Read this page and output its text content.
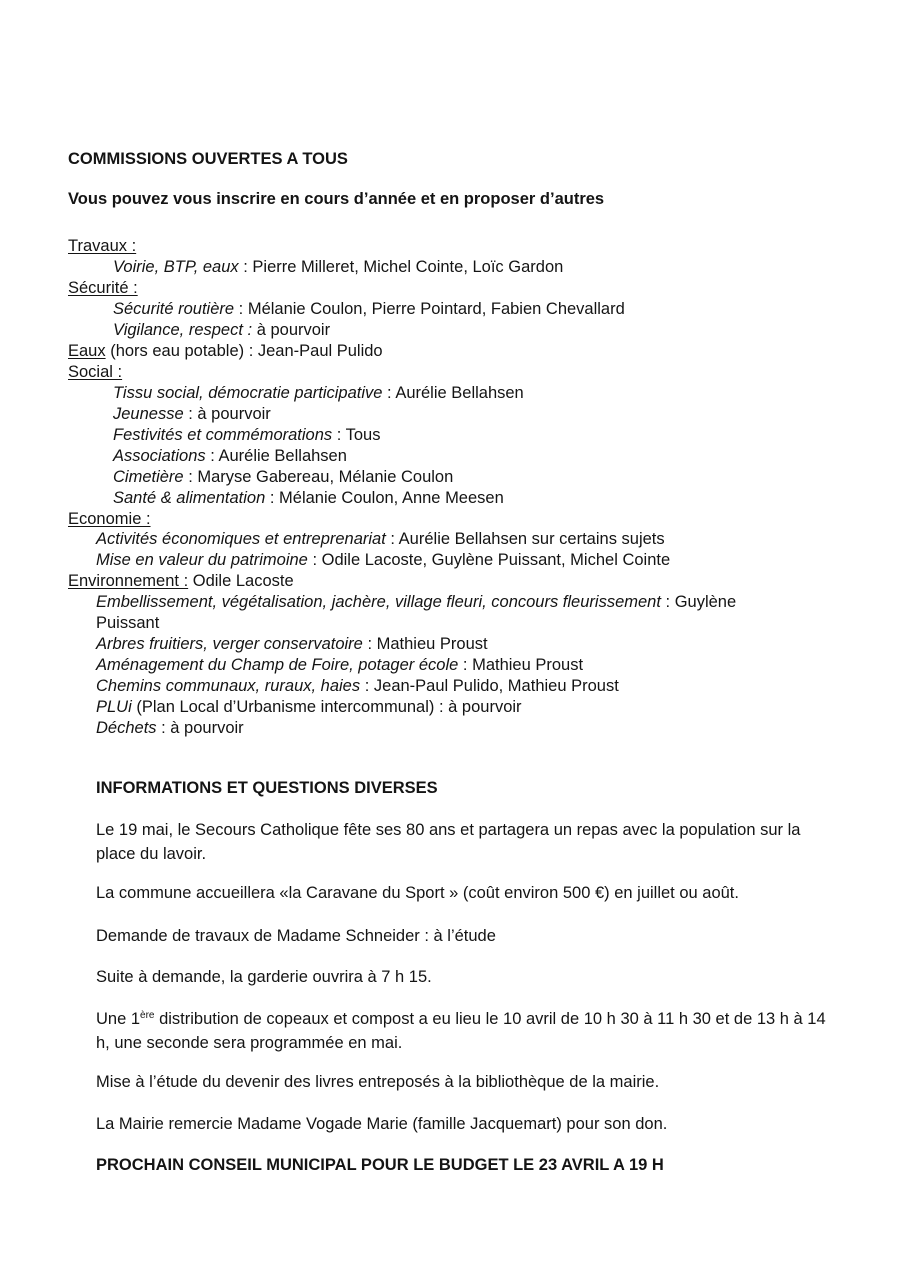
COMMISSIONS OUVERTES A TOUS
Vous pouvez vous inscrire en cours d’année et en proposer d’autres
Travaux :
Voirie, BTP, eaux : Pierre Milleret, Michel Cointe, Loïc Gardon
Sécurité :
Sécurité routière : Mélanie Coulon, Pierre Pointard, Fabien Chevallard
Vigilance, respect : à pourvoir
Eaux (hors eau potable) : Jean-Paul Pulido
Social :
Tissu social, démocratie participative : Aurélie Bellahsen
Jeunesse : à pourvoir
Festivités et commémorations : Tous
Associations : Aurélie Bellahsen
Cimetière : Maryse Gabereau, Mélanie Coulon
Santé & alimentation : Mélanie Coulon, Anne Meesen
Economie :
Activités économiques et entreprenariat : Aurélie Bellahsen sur certains sujets
Mise en valeur du patrimoine : Odile Lacoste, Guylène Puissant, Michel Cointe
Environnement : Odile Lacoste
Embellissement, végétalisation, jachère, village fleuri, concours fleurissement : Guylène
Puissant
Arbres fruitiers, verger conservatoire : Mathieu Proust
Aménagement du Champ de Foire, potager école : Mathieu Proust
Chemins communaux, ruraux, haies : Jean-Paul Pulido, Mathieu Proust
PLUi (Plan Local d’Urbanisme intercommunal) : à pourvoir
Déchets : à pourvoir
INFORMATIONS ET QUESTIONS DIVERSES
Le 19 mai, le Secours Catholique fête ses 80 ans et partagera un repas avec la population sur la place du lavoir.
La commune accueillera «la Caravane du Sport » (coût environ 500 €) en juillet ou août.
Demande de travaux de Madame Schneider : à l’étude
Suite à demande, la garderie ouvrira à 7 h 15.
Une 1ère distribution de copeaux et compost a eu lieu le 10 avril de 10 h 30 à 11 h 30 et de 13 h à 14 h, une seconde sera programmée en mai.
Mise à l’étude du devenir des livres entreposés à la bibliothèque de la mairie.
La Mairie remercie Madame Vogade Marie (famille Jacquemart) pour son don.
PROCHAIN CONSEIL MUNICIPAL POUR LE BUDGET LE 23 AVRIL A 19 H
